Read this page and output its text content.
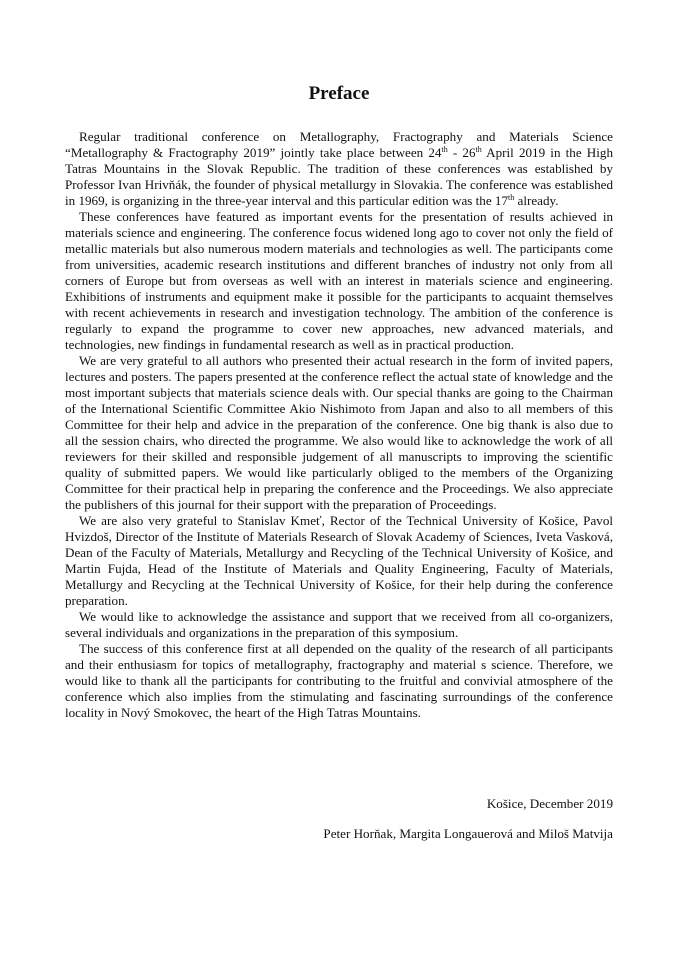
Preface

Regular traditional conference on Metallography, Fractography and Materials Science “Metallography & Fractography 2019” jointly take place between 24th - 26th April 2019 in the High Tatras Mountains in the Slovak Republic. The tradition of these conferences was established by Professor Ivan Hrivňák, the founder of physical metallurgy in Slovakia. The conference was established in 1969, is organizing in the three-year interval and this particular edition was the 17th already.

These conferences have featured as important events for the presentation of results achieved in materials science and engineering. The conference focus widened long ago to cover not only the field of metallic materials but also numerous modern materials and technologies as well. The participants come from universities, academic research institutions and different branches of industry not only from all corners of Europe but from overseas as well with an interest in materials science and engineering. Exhibitions of instruments and equipment make it possible for the participants to acquaint themselves with recent achievements in research and investigation technology. The ambition of the conference is regularly to expand the programme to cover new approaches, new advanced materials, and technologies, new findings in fundamental research as well as in practical production.

We are very grateful to all authors who presented their actual research in the form of invited papers, lectures and posters. The papers presented at the conference reflect the actual state of knowledge and the most important subjects that materials science deals with. Our special thanks are going to the Chairman of the International Scientific Committee Akio Nishimoto from Japan and also to all members of this Committee for their help and advice in the preparation of the conference. One big thank is also due to all the session chairs, who directed the programme. We also would like to acknowledge the work of all reviewers for their skilled and responsible judgement of all manuscripts to improving the scientific quality of submitted papers. We would like particularly obliged to the members of the Organizing Committee for their practical help in preparing the conference and the Proceedings. We also appreciate the publishers of this journal for their support with the preparation of Proceedings.

We are also very grateful to Stanislav Kmeť, Rector of the Technical University of Košice, Pavol Hvizdoš, Director of the Institute of Materials Research of Slovak Academy of Sciences, Iveta Vasková, Dean of the Faculty of Materials, Metallurgy and Recycling of the Technical University of Košice, and Martin Fujda, Head of the Institute of Materials and Quality Engineering, Faculty of Materials, Metallurgy and Recycling at the Technical University of Košice, for their help during the conference preparation.

We would like to acknowledge the assistance and support that we received from all co-organizers, several individuals and organizations in the preparation of this symposium.

The success of this conference first at all depended on the quality of the research of all participants and their enthusiasm for topics of metallography, fractography and material s science. Therefore, we would like to thank all the participants for contributing to the fruitful and convivial atmosphere of the conference which also implies from the stimulating and fascinating surroundings of the conference locality in Nový Smokovec, the heart of the High Tatras Mountains.

Košice, December 2019
Peter Horňak, Margita Longauerová and Miloš Matvija
